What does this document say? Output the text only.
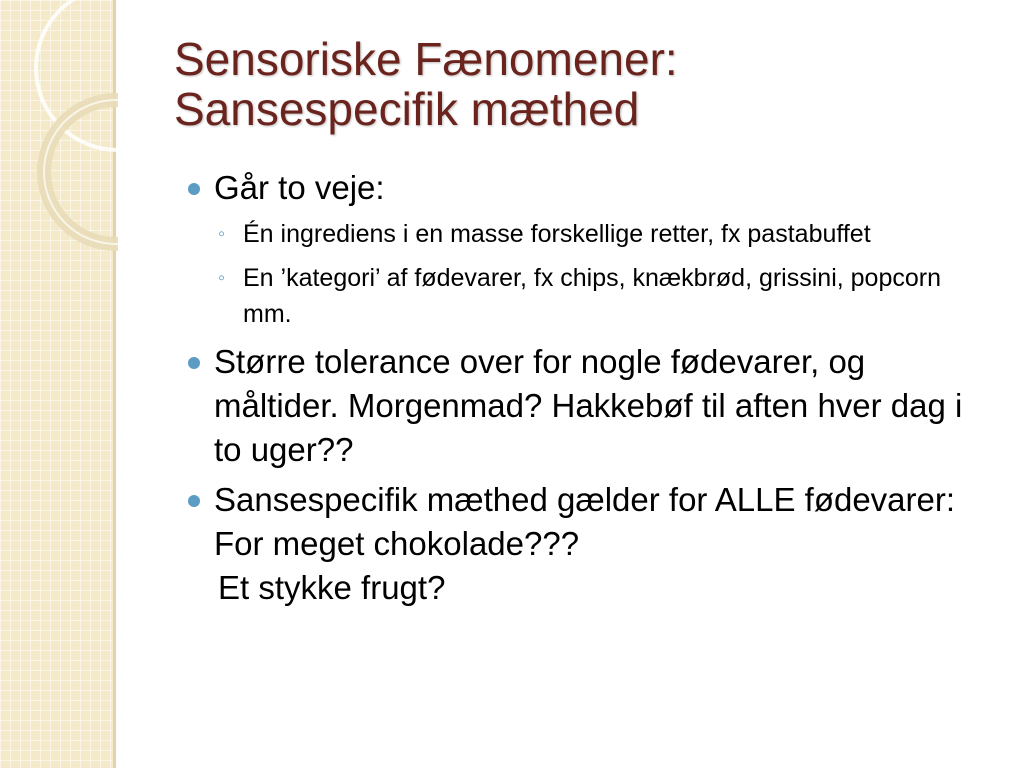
Sensoriske Fænomener:
Sansespecifik mæthed
Går to veje:
◦ Én ingrediens i en masse forskellige retter, fx pastabuffet
◦ En ’kategori’ af fødevarer, fx chips, knækbrød, grissini, popcorn mm.
Større tolerance over for nogle fødevarer, og måltider. Morgenmad? Hakkebøf til aften hver dag i to uger??
Sansespecifik mæthed gælder for ALLE fødevarer: For meget chokolade???
Et stykke frugt?
